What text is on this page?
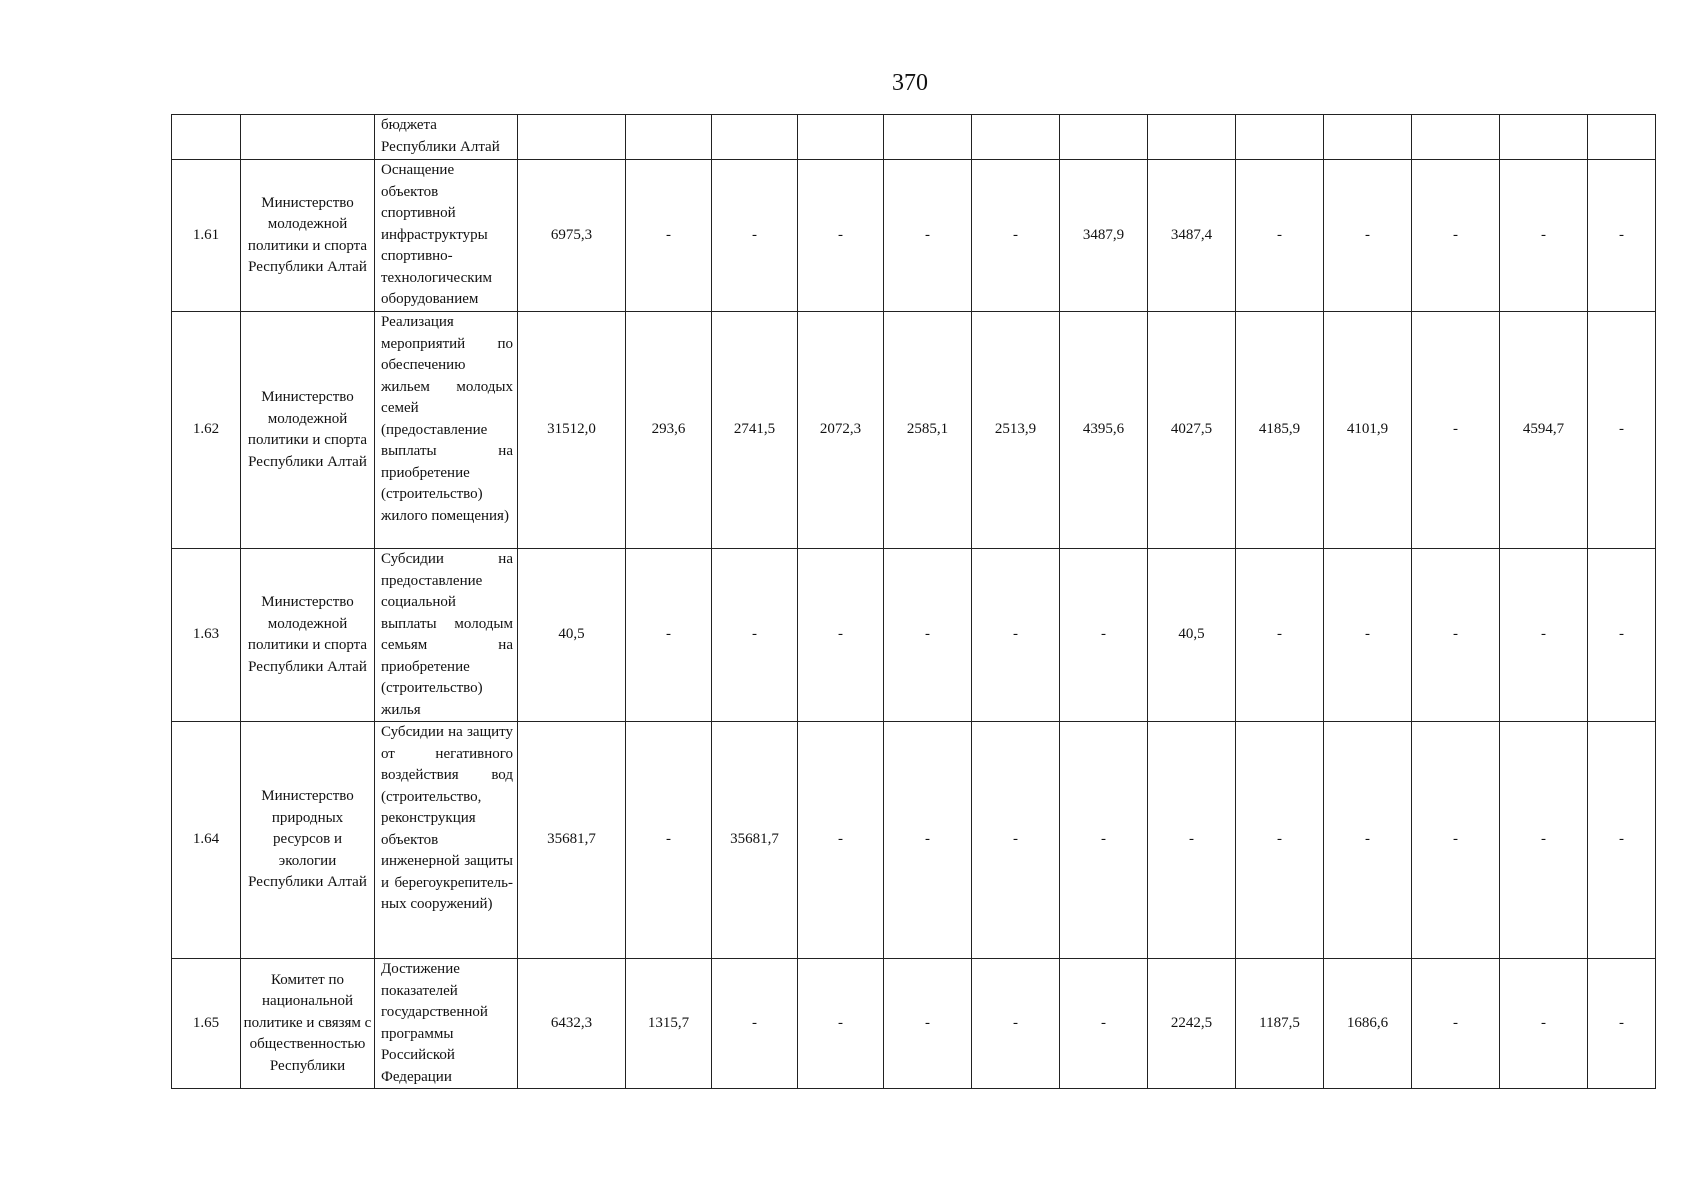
370
		бюджета Республики Алтай													
1.61	Министерство молодежной политики и спорта Республики Алтай	Оснащение объектов спортивной инфраструктуры спортивно-технологическим оборудованием	6975,3	-	-	-	-	-	3487,9	3487,4	-	-	-	-	-
1.62	Министерство молодежной политики и спорта Республики Алтай	Реализация мероприятий по обеспечению жильем молодых семей (предоставление выплаты на приобретение (строительство) жилого помещения)	31512,0	293,6	2741,5	2072,3	2585,1	2513,9	4395,6	4027,5	4185,9	4101,9	-	4594,7	-
1.63	Министерство молодежной политики и спорта Республики Алтай	Субсидии на предоставление социальной выплаты молодым семьям на приобретение (строительство) жилья	40,5	-	-	-	-	-	-	40,5	-	-	-	-	-
1.64	Министерство природных ресурсов и экологии Республики Алтай	Субсидии на защиту от негативного воздействия вод (строительство, реконструкция объектов инженерной защиты и берегоукрепитель-ных сооружений)	35681,7	-	35681,7	-	-	-	-	-	-	-	-	-	-
1.65	Комитет по национальной политике и связям с общественностью Республики	Достижение показателей государственной программы Российской Федерации	6432,3	1315,7	-	-	-	-	-	2242,5	1187,5	1686,6	-	-	-
